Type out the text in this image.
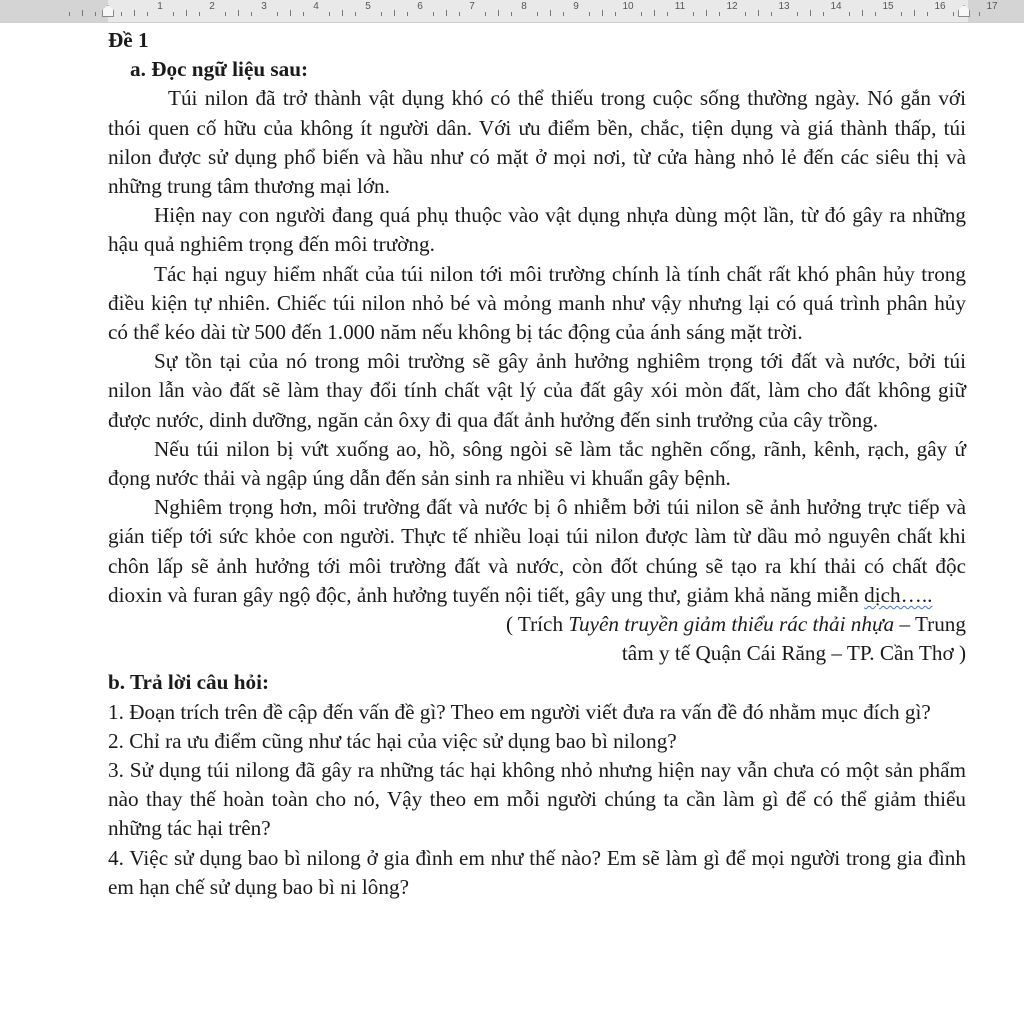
1	2	3	4	5	6	7	8	9	10	11	12	13	14	15	16	17

Đề 1

a. Đọc ngữ liệu sau:

Túi nilon đã trở thành vật dụng khó có thể thiếu trong cuộc sống thường ngày. Nó gắn với thói quen cố hữu của không ít người dân. Với ưu điểm bền, chắc, tiện dụng và giá thành thấp, túi nilon được sử dụng phổ biến và hầu như có mặt ở mọi nơi, từ cửa hàng nhỏ lẻ đến các siêu thị và những trung tâm thương mại lớn.

Hiện nay con người đang quá phụ thuộc vào vật dụng nhựa dùng một lần, từ đó gây ra những hậu quả nghiêm trọng đến môi trường.

Tác hại nguy hiểm nhất của túi nilon tới môi trường chính là tính chất rất khó phân hủy trong điều kiện tự nhiên. Chiếc túi nilon nhỏ bé và mỏng manh như vậy nhưng lại có quá trình phân hủy có thể kéo dài từ 500 đến 1.000 năm nếu không bị tác động của ánh sáng mặt trời.

Sự tồn tại của nó trong môi trường sẽ gây ảnh hưởng nghiêm trọng tới đất và nước, bởi túi nilon lẫn vào đất sẽ làm thay đổi tính chất vật lý của đất gây xói mòn đất, làm cho đất không giữ được nước, dinh dưỡng, ngăn cản ôxy đi qua đất ảnh hưởng đến sinh trưởng của cây trồng.

Nếu túi nilon bị vứt xuống ao, hồ, sông ngòi sẽ làm tắc nghẽn cống, rãnh, kênh, rạch, gây ứ đọng nước thải và ngập úng dẫn đến sản sinh ra nhiều vi khuẩn gây bệnh.

Nghiêm trọng hơn, môi trường đất và nước bị ô nhiễm bởi túi nilon sẽ ảnh hưởng trực tiếp và gián tiếp tới sức khỏe con người. Thực tế nhiều loại túi nilon được làm từ dầu mỏ nguyên chất khi chôn lấp sẽ ảnh hưởng tới môi trường đất và nước, còn đốt chúng sẽ tạo ra khí thải có chất độc dioxin và furan gây ngộ độc, ảnh hưởng tuyến nội tiết, gây ung thư, giảm khả năng miễn dịch…..

( Trích Tuyên truyền giảm thiểu rác thải nhựa – Trung

tâm y tế Quận Cái Răng – TP. Cần Thơ )

b. Trả lời câu hỏi:

1. Đoạn trích trên đề cập đến vấn đề gì? Theo em người viết đưa ra vấn đề đó nhằm mục đích gì?

2. Chỉ ra ưu điểm cũng như tác hại của việc sử dụng bao bì nilong?

3. Sử dụng túi nilong đã gây ra những tác hại không nhỏ nhưng hiện nay vẫn chưa có một sản phẩm nào thay thế hoàn toàn cho nó, Vậy theo em mỗi người chúng ta cần làm gì để có thể giảm thiểu những tác hại trên?

4. Việc sử dụng bao bì nilong ở gia đình em như thế nào? Em sẽ làm gì để mọi người trong gia đình em hạn chế sử dụng bao bì ni lông?
